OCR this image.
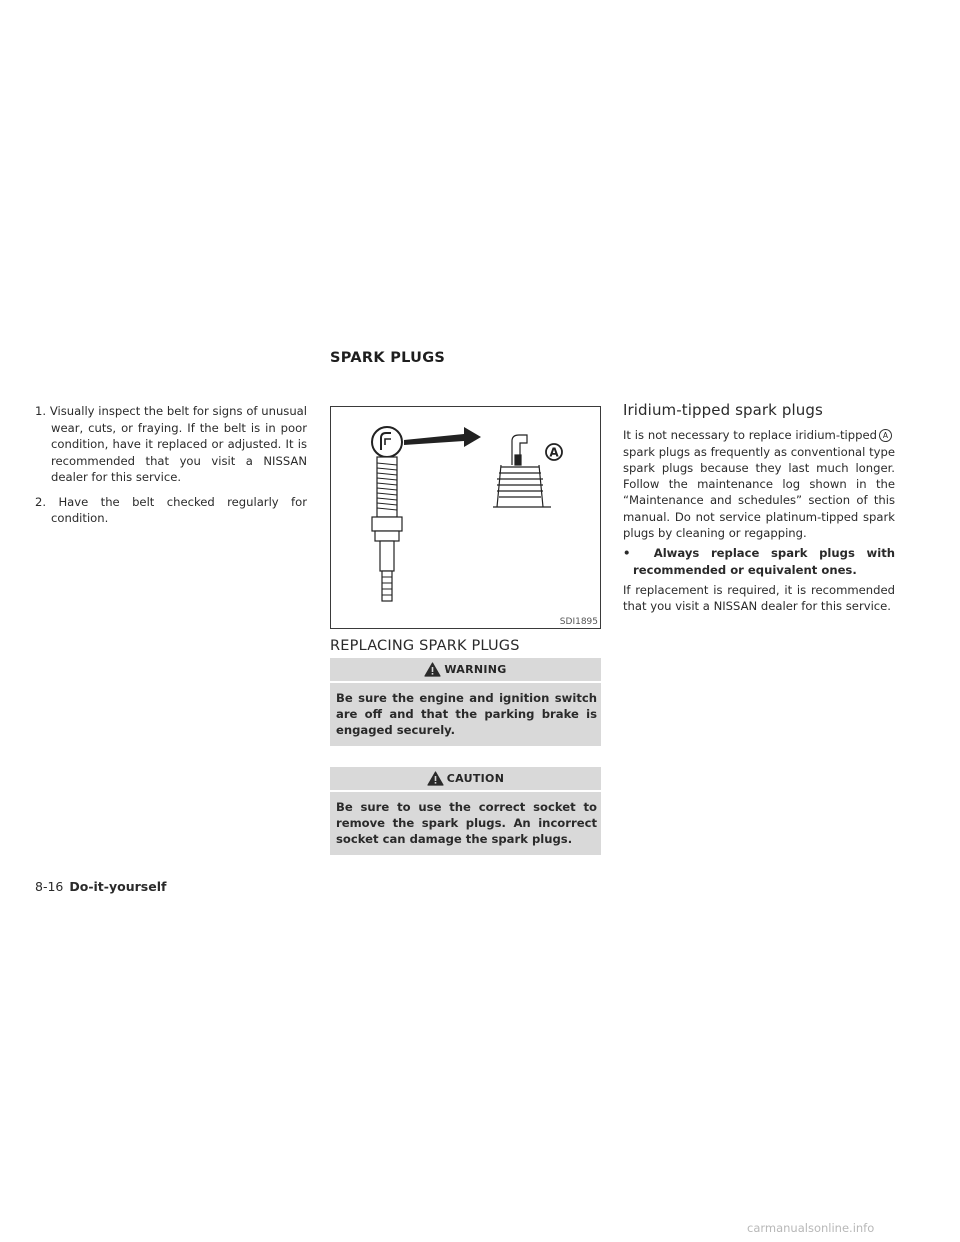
SPARK PLUGS
1. Visually inspect the belt for signs of unusual wear, cuts, or fraying. If the belt is in poor condition, have it replaced or adjusted. It is recommended that you visit a NISSAN dealer for this service.
2. Have the belt checked regularly for condition.
A
SDI1895
REPLACING SPARK PLUGS
WARNING
Be sure the engine and ignition switch are off and that the parking brake is engaged securely.
CAUTION
Be sure to use the correct socket to remove the spark plugs. An incorrect socket can damage the spark plugs.
Iridium-tipped spark plugs

It is not necessary to replace iridium-tipped Aspark plugs as frequently as conventional type spark plugs because they last much longer. Follow the maintenance log shown in the “Maintenance and schedules” section of this manual. Do not service platinum-tipped spark plugs by cleaning or regapping.

•  Always replace spark plugs with recommended or equivalent ones.

If replacement is required, it is recommended that you visit a NISSAN dealer for this service.

8-16 Do-it-yourself
carmanualsonline.info
